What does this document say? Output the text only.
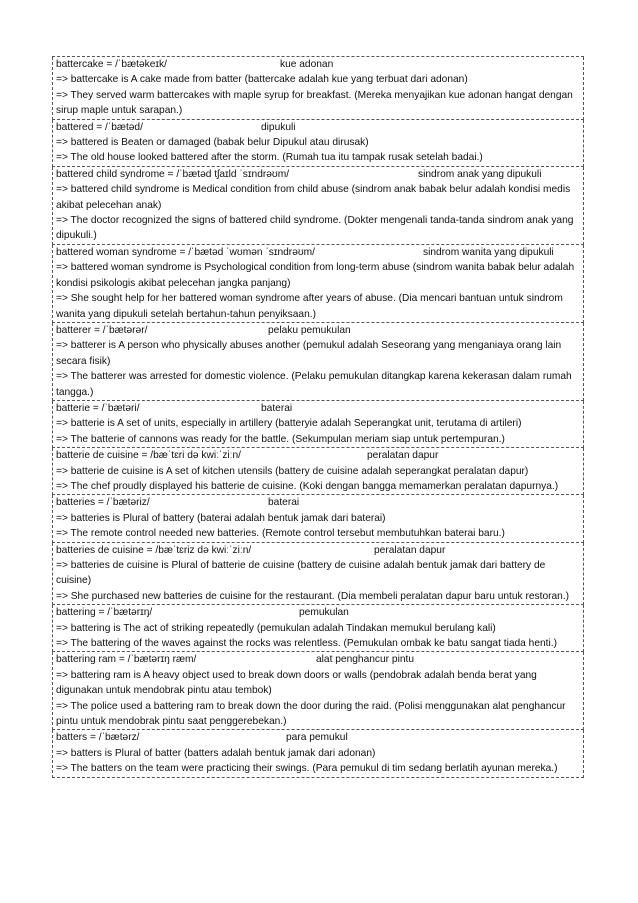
battercake = /ˈbætəkeɪk/	kue adonan
=> battercake is A cake made from batter (battercake adalah kue yang terbuat dari adonan)
=> They served warm battercakes with maple syrup for breakfast. (Mereka menyajikan kue adonan hangat dengan sirup maple untuk sarapan.)
battered = /ˈbætəd/	dipukuli
=> battered is Beaten or damaged (babak belur Dipukul atau dirusak)
=> The old house looked battered after the storm. (Rumah tua itu tampak rusak setelah badai.)
battered child syndrome = /ˈbætəd tʃaɪld ˈsɪndrəʊm/	sindrom anak yang dipukuli
=> battered child syndrome is Medical condition from child abuse (sindrom anak babak belur adalah kondisi medis akibat pelecehan anak)
=> The doctor recognized the signs of battered child syndrome. (Dokter mengenali tanda-tanda sindrom anak yang dipukuli.)
battered woman syndrome = /ˈbætəd ˈwʊmən ˈsɪndrəʊm/	sindrom wanita yang dipukuli
=> battered woman syndrome is Psychological condition from long-term abuse (sindrom wanita babak belur adalah kondisi psikologis akibat pelecehan jangka panjang)
=> She sought help for her battered woman syndrome after years of abuse. (Dia mencari bantuan untuk sindrom wanita yang dipukuli setelah bertahun-tahun penyiksaan.)
batterer = /ˈbætərər/	pelaku pemukulan
=> batterer is A person who physically abuses another (pemukul adalah Seseorang yang menganiaya orang lain secara fisik)
=> The batterer was arrested for domestic violence. (Pelaku pemukulan ditangkap karena kekerasan dalam rumah tangga.)
batterie = /ˈbætəri/	baterai
=> batterie is A set of units, especially in artillery (batteryie adalah Seperangkat unit, terutama di artileri)
=> The batterie of cannons was ready for the battle. (Sekumpulan meriam siap untuk pertempuran.)
batterie de cuisine = /bæˈtɛri də kwiːˈziːn/	peralatan dapur
=> batterie de cuisine is A set of kitchen utensils (battery de cuisine adalah seperangkat peralatan dapur)
=> The chef proudly displayed his batterie de cuisine. (Koki dengan bangga memamerkan peralatan dapurnya.)
batteries = /ˈbætəriz/	baterai
=> batteries is Plural of battery (baterai adalah bentuk jamak dari baterai)
=> The remote control needed new batteries. (Remote control tersebut membutuhkan baterai baru.)
batteries de cuisine = /bæˈtɛriz də kwiːˈziːn/	peralatan dapur
=> batteries de cuisine is Plural of batterie de cuisine (battery de cuisine adalah bentuk jamak dari battery de cuisine)
=> She purchased new batteries de cuisine for the restaurant. (Dia membeli peralatan dapur baru untuk restoran.)
battering = /ˈbætərɪŋ/	pemukulan
=> battering is The act of striking repeatedly (pemukulan adalah Tindakan memukul berulang kali)
=> The battering of the waves against the rocks was relentless. (Pemukulan ombak ke batu sangat tiada henti.)
battering ram = /ˈbætərɪŋ ræm/	alat penghancur pintu
=> battering ram is A heavy object used to break down doors or walls (pendobrak adalah benda berat yang digunakan untuk mendobrak pintu atau tembok)
=> The police used a battering ram to break down the door during the raid. (Polisi menggunakan alat penghancur pintu untuk mendobrak pintu saat penggerebekan.)
batters = /ˈbætərz/	para pemukul
=> batters is Plural of batter (batters adalah bentuk jamak dari adonan)
=> The batters on the team were practicing their swings. (Para pemukul di tim sedang berlatih ayunan mereka.)
